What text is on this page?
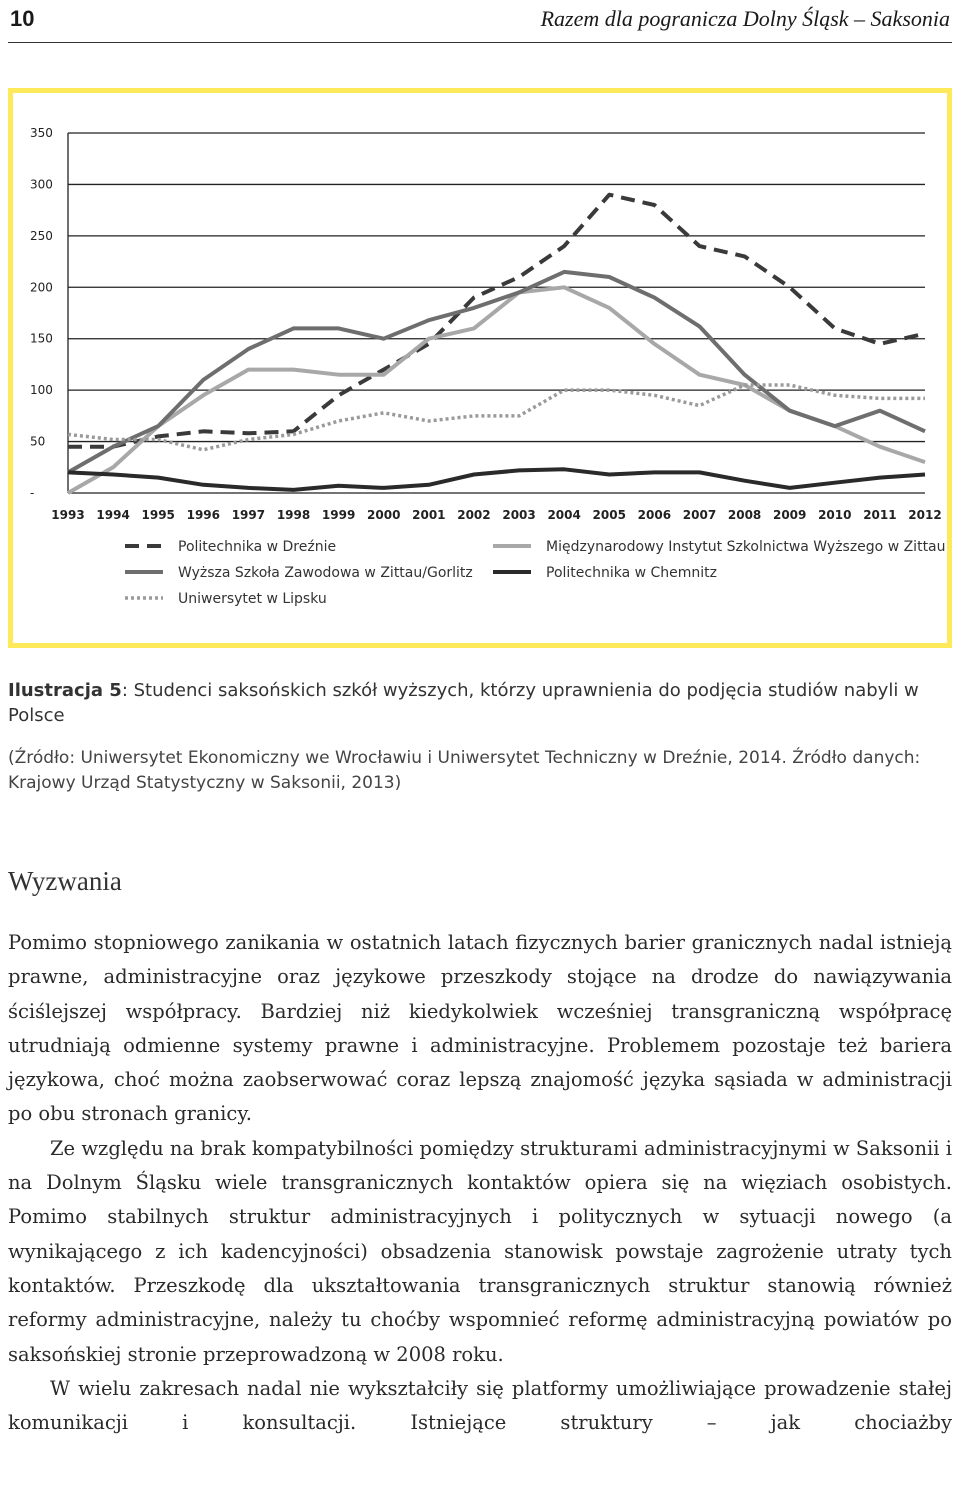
10	Razem dla pogranicza Dolny Śląsk – Saksonia
350
300
250
200
150
100
50
-
1993 1994 1995 1996 1997 1998 1999 2000 2001 2002 2003 2004 2005 2006 2007 2008 2009 2010 2011 2012
Politechnika w Dreźnie	Międzynarodowy Instytut Szkolnictwa Wyższego w Zittau
Wyższa Szkoła Zawodowa w Zittau/Gorlitz	Politechnika w Chemnitz
Uniwersytet w Lipsku
Ilustracja 5: Studenci saksońskich szkół wyższych, którzy uprawnienia do podjęcia studiów nabyli w Polsce
(Źródło: Uniwersytet Ekonomiczny we Wrocławiu i Uniwersytet Techniczny w Dreźnie, 2014. Źródło danych: Krajowy Urząd Statystyczny w Saksonii, 2013)
Wyzwania

Pomimo stopniowego zanikania w ostatnich latach fizycznych barier granicznych nadal istnieją prawne, administracyjne oraz językowe przeszkody stojące na drodze do nawiązywania ściślejszej współpracy. Bardziej niż kiedykolwiek wcześniej transgraniczną współpracę utrudniają odmienne systemy prawne i administracyjne. Problemem pozostaje też bariera językowa, choć można zaobserwować coraz lepszą znajomość języka sąsiada w administracji po obu stronach granicy.

Ze względu na brak kompatybilności pomiędzy strukturami administracyjnymi w Saksonii i na Dolnym Śląsku wiele transgranicznych kontaktów opiera się na więziach osobistych. Pomimo stabilnych struktur administracyjnych i politycznych w sytuacji nowego (a wynikającego z ich kadencyjności) obsadzenia stanowisk powstaje zagrożenie utraty tych kontaktów. Przeszkodę dla ukształtowania transgranicznych struktur stanowią również reformy administracyjne, należy tu choćby wspomnieć reformę administracyjną powiatów po saksońskiej stronie przeprowadzoną w 2008 roku.

W wielu zakresach nadal nie wykształciły się platformy umożliwiające prowadzenie stałej komunikacji i konsultacji. Istniejące struktury – jak chociażby
